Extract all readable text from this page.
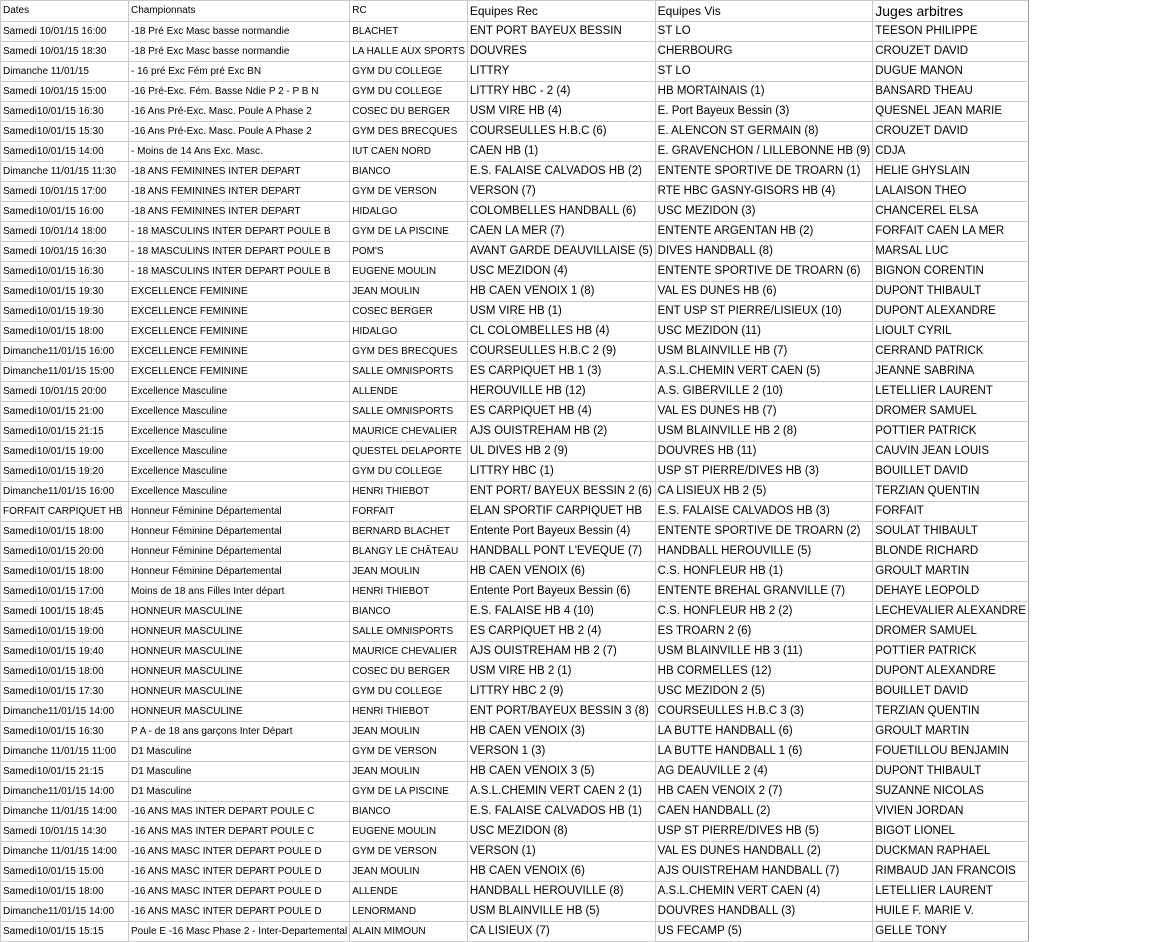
Dates	Championnats	RC	Equipes Rec	Equipes Vis	Juges arbitres
Samedi 10/01/15 16:00	-18 Pré Exc Masc basse normandie	BLACHET	ENT PORT BAYEUX BESSIN	ST LO	TEESON PHILIPPE
Samedi 10/01/15 18:30	-18 Pré Exc Masc basse normandie	LA HALLE AUX SPORTS	DOUVRES	CHERBOURG	CROUZET DAVID
Dimanche 11/01/15	- 16 pré Exc Fém pré Exc BN	GYM DU COLLEGE	LITTRY	ST LO	DUGUE MANON
Samedi 10/01/15 15:00	-16 Pré-Exc. Fém. Basse Ndie P 2 - P B N	GYM DU COLLEGE	LITTRY HBC - 2 (4)	HB MORTAINAIS (1)	BANSARD THEAU
Samedi10/01/15 16:30	-16 Ans Pré-Exc. Masc. Poule A Phase 2	COSEC DU BERGER	USM VIRE HB (4)	E. Port Bayeux Bessin (3)	QUESNEL JEAN MARIE
Samedi10/01/15 15:30	-16 Ans Pré-Exc. Masc. Poule A Phase 2	GYM DES BRECQUES	COURSEULLES H.B.C (6)	E. ALENCON ST GERMAIN (8)	CROUZET DAVID
Samedi10/01/15 14:00	- Moins de 14 Ans Exc. Masc.	IUT CAEN NORD	CAEN HB (1)	E. GRAVENCHON / LILLEBONNE HB (9)	CDJA
Dimanche 11/01/15 11:30	-18 ANS FEMININES INTER DEPART	BIANCO	E.S. FALAISE CALVADOS HB (2)	ENTENTE SPORTIVE DE TROARN (1)	HELIE GHYSLAIN
Samedi 10/01/15 17:00	-18 ANS FEMININES INTER DEPART	GYM DE VERSON	VERSON (7)	RTE HBC GASNY-GISORS HB (4)	LALAISON THEO
Samedi10/01/15 16:00	-18 ANS FEMININES INTER DEPART	HIDALGO	COLOMBELLES HANDBALL (6)	USC MEZIDON (3)	CHANCEREL ELSA
Samedi 10/01/14 18:00	- 18 MASCULINS INTER DEPART POULE B	GYM DE LA PISCINE	CAEN LA MER (7)	ENTENTE ARGENTAN HB (2)	FORFAIT CAEN LA MER
Samedi 10/01/15 16:30	- 18 MASCULINS INTER DEPART POULE B	POM'S	AVANT GARDE DEAUVILLAISE (5)	DIVES HANDBALL (8)	MARSAL LUC
Samedi10/01/15 16:30	- 18 MASCULINS INTER DEPART POULE B	EUGENE MOULIN	USC MEZIDON (4)	ENTENTE SPORTIVE DE TROARN (6)	BIGNON CORENTIN
Samedi10/01/15 19:30	EXCELLENCE FEMININE	JEAN MOULIN	HB CAEN VENOIX 1 (8)	VAL ES DUNES HB (6)	DUPONT THIBAULT
Samedi10/01/15 19:30	EXCELLENCE FEMININE	COSEC BERGER	USM VIRE HB (1)	ENT USP ST PIERRE/LISIEUX (10)	DUPONT ALEXANDRE
Samedi10/01/15 18:00	EXCELLENCE FEMININE	HIDALGO	CL COLOMBELLES HB (4)	USC MEZIDON (11)	LIOULT CYRIL
Dimanche11/01/15 16:00	EXCELLENCE FEMININE	GYM DES BRECQUES	COURSEULLES H.B.C 2 (9)	USM BLAINVILLE HB (7)	CERRAND PATRICK
Dimanche11/01/15 15:00	EXCELLENCE FEMININE	SALLE OMNISPORTS	ES CARPIQUET HB 1 (3)	A.S.L.CHEMIN VERT CAEN (5)	JEANNE SABRINA
Samedi 10/01/15 20:00	Excellence Masculine	ALLENDE	HEROUVILLE HB (12)	A.S. GIBERVILLE 2 (10)	LETELLIER LAURENT
Samedi10/01/15 21:00	Excellence Masculine	SALLE OMNISPORTS	ES CARPIQUET HB (4)	VAL ES DUNES HB (7)	DROMER SAMUEL
Samedi10/01/15 21:15	Excellence Masculine	MAURICE CHEVALIER	AJS OUISTREHAM HB (2)	USM BLAINVILLE HB 2 (8)	POTTIER PATRICK
Samedi10/01/15 19:00	Excellence Masculine	QUESTEL DELAPORTE	UL DIVES HB 2 (9)	DOUVRES HB (11)	CAUVIN JEAN LOUIS
Samedi10/01/15 19:20	Excellence Masculine	GYM DU COLLEGE	LITTRY HBC (1)	USP ST PIERRE/DIVES HB (3)	BOUILLET DAVID
Dimanche11/01/15 16:00	Excellence Masculine	HENRI THIEBOT	ENT PORT/ BAYEUX BESSIN 2 (6)	CA LISIEUX HB 2 (5)	TERZIAN QUENTIN
FORFAIT CARPIQUET HB	Honneur Féminine Départemental	FORFAIT	ELAN SPORTIF CARPIQUET HB	E.S. FALAISE CALVADOS HB (3)	FORFAIT
Samedi10/01/15 18:00	Honneur Féminine Départemental	BERNARD BLACHET	Entente Port Bayeux Bessin (4)	ENTENTE SPORTIVE DE TROARN (2)	SOULAT THIBAULT
Samedi10/01/15 20:00	Honneur Féminine Départemental	BLANGY LE CHÂTEAU	HANDBALL PONT L'EVEQUE (7)	HANDBALL HEROUVILLE (5)	BLONDE RICHARD
Samedi10/01/15 18:00	Honneur Féminine Départemental	JEAN MOULIN	HB CAEN VENOIX (6)	C.S. HONFLEUR HB (1)	GROULT MARTIN
Samedi10/01/15 17:00	Moins de 18 ans Filles Inter départ	HENRI THIEBOT	Entente Port Bayeux Bessin (6)	ENTENTE BREHAL GRANVILLE (7)	DEHAYE LEOPOLD
Samedi 1001/15 18:45	HONNEUR MASCULINE	BIANCO	E.S. FALAISE HB 4 (10)	C.S. HONFLEUR HB 2 (2)	LECHEVALIER ALEXANDRE
Samedi10/01/15 19:00	HONNEUR MASCULINE	SALLE OMNISPORTS	ES CARPIQUET HB 2 (4)	ES TROARN 2 (6)	DROMER SAMUEL
Samedi10/01/15 19:40	HONNEUR MASCULINE	MAURICE CHEVALIER	AJS OUISTREHAM HB 2 (7)	USM BLAINVILLE HB 3 (11)	POTTIER PATRICK
Samedi10/01/15 18:00	HONNEUR MASCULINE	COSEC DU BERGER	USM VIRE HB 2 (1)	HB CORMELLES (12)	DUPONT ALEXANDRE
Samedi10/01/15 17:30	HONNEUR MASCULINE	GYM DU COLLEGE	LITTRY HBC 2 (9)	USC MEZIDON 2 (5)	BOUILLET DAVID
Dimanche11/01/15 14:00	HONNEUR MASCULINE	HENRI THIEBOT	ENT PORT/BAYEUX BESSIN 3 (8)	COURSEULLES H.B.C 3 (3)	TERZIAN QUENTIN
Samedi10/01/15 16:30	P A - de 18 ans garçons Inter Départ	JEAN MOULIN	HB CAEN VENOIX (3)	LA BUTTE HANDBALL (6)	GROULT MARTIN
Dimanche 11/01/15 11:00	D1 Masculine	GYM DE VERSON	VERSON 1 (3)	LA BUTTE HANDBALL 1 (6)	FOUETILLOU BENJAMIN
Samedi10/01/15 21:15	D1 Masculine	JEAN MOULIN	HB CAEN VENOIX 3 (5)	AG DEAUVILLE 2 (4)	DUPONT THIBAULT
Dimanche11/01/15 14:00	D1 Masculine	GYM DE LA PISCINE	A.S.L.CHEMIN VERT CAEN 2 (1)	HB CAEN VENOIX 2 (7)	SUZANNE NICOLAS
Dimanche 11/01/15 14:00	-16 ANS MAS INTER DEPART POULE C	BIANCO	E.S. FALAISE CALVADOS HB (1)	CAEN HANDBALL (2)	VIVIEN JORDAN
Samedi 10/01/15 14:30	-16 ANS MAS INTER DEPART POULE C	EUGENE MOULIN	USC MEZIDON (8)	USP ST PIERRE/DIVES HB (5)	BIGOT LIONEL
Dimanche 11/01/15 14:00	-16 ANS MASC INTER DEPART POULE D	GYM DE VERSON	VERSON (1)	VAL ES DUNES HANDBALL (2)	DUCKMAN RAPHAEL
Samedi10/01/15 15:00	-16 ANS MASC INTER DEPART POULE D	JEAN MOULIN	HB CAEN VENOIX (6)	AJS OUISTREHAM HANDBALL (7)	RIMBAUD JAN FRANCOIS
Samedi10/01/15 18:00	-16 ANS MASC INTER DEPART POULE D	ALLENDE	HANDBALL HEROUVILLE (8)	A.S.L.CHEMIN VERT CAEN (4)	LETELLIER LAURENT
Dimanche11/01/15 14:00	-16 ANS MASC INTER DEPART POULE D	LENORMAND	USM BLAINVILLE HB (5)	DOUVRES HANDBALL (3)	HUILE F. MARIE V.
Samedi10/01/15 15:15	Poule E -16 Masc Phase 2 - Inter-Departemental	ALAIN MIMOUN	CA LISIEUX (7)	US FECAMP (5)	GELLE TONY
